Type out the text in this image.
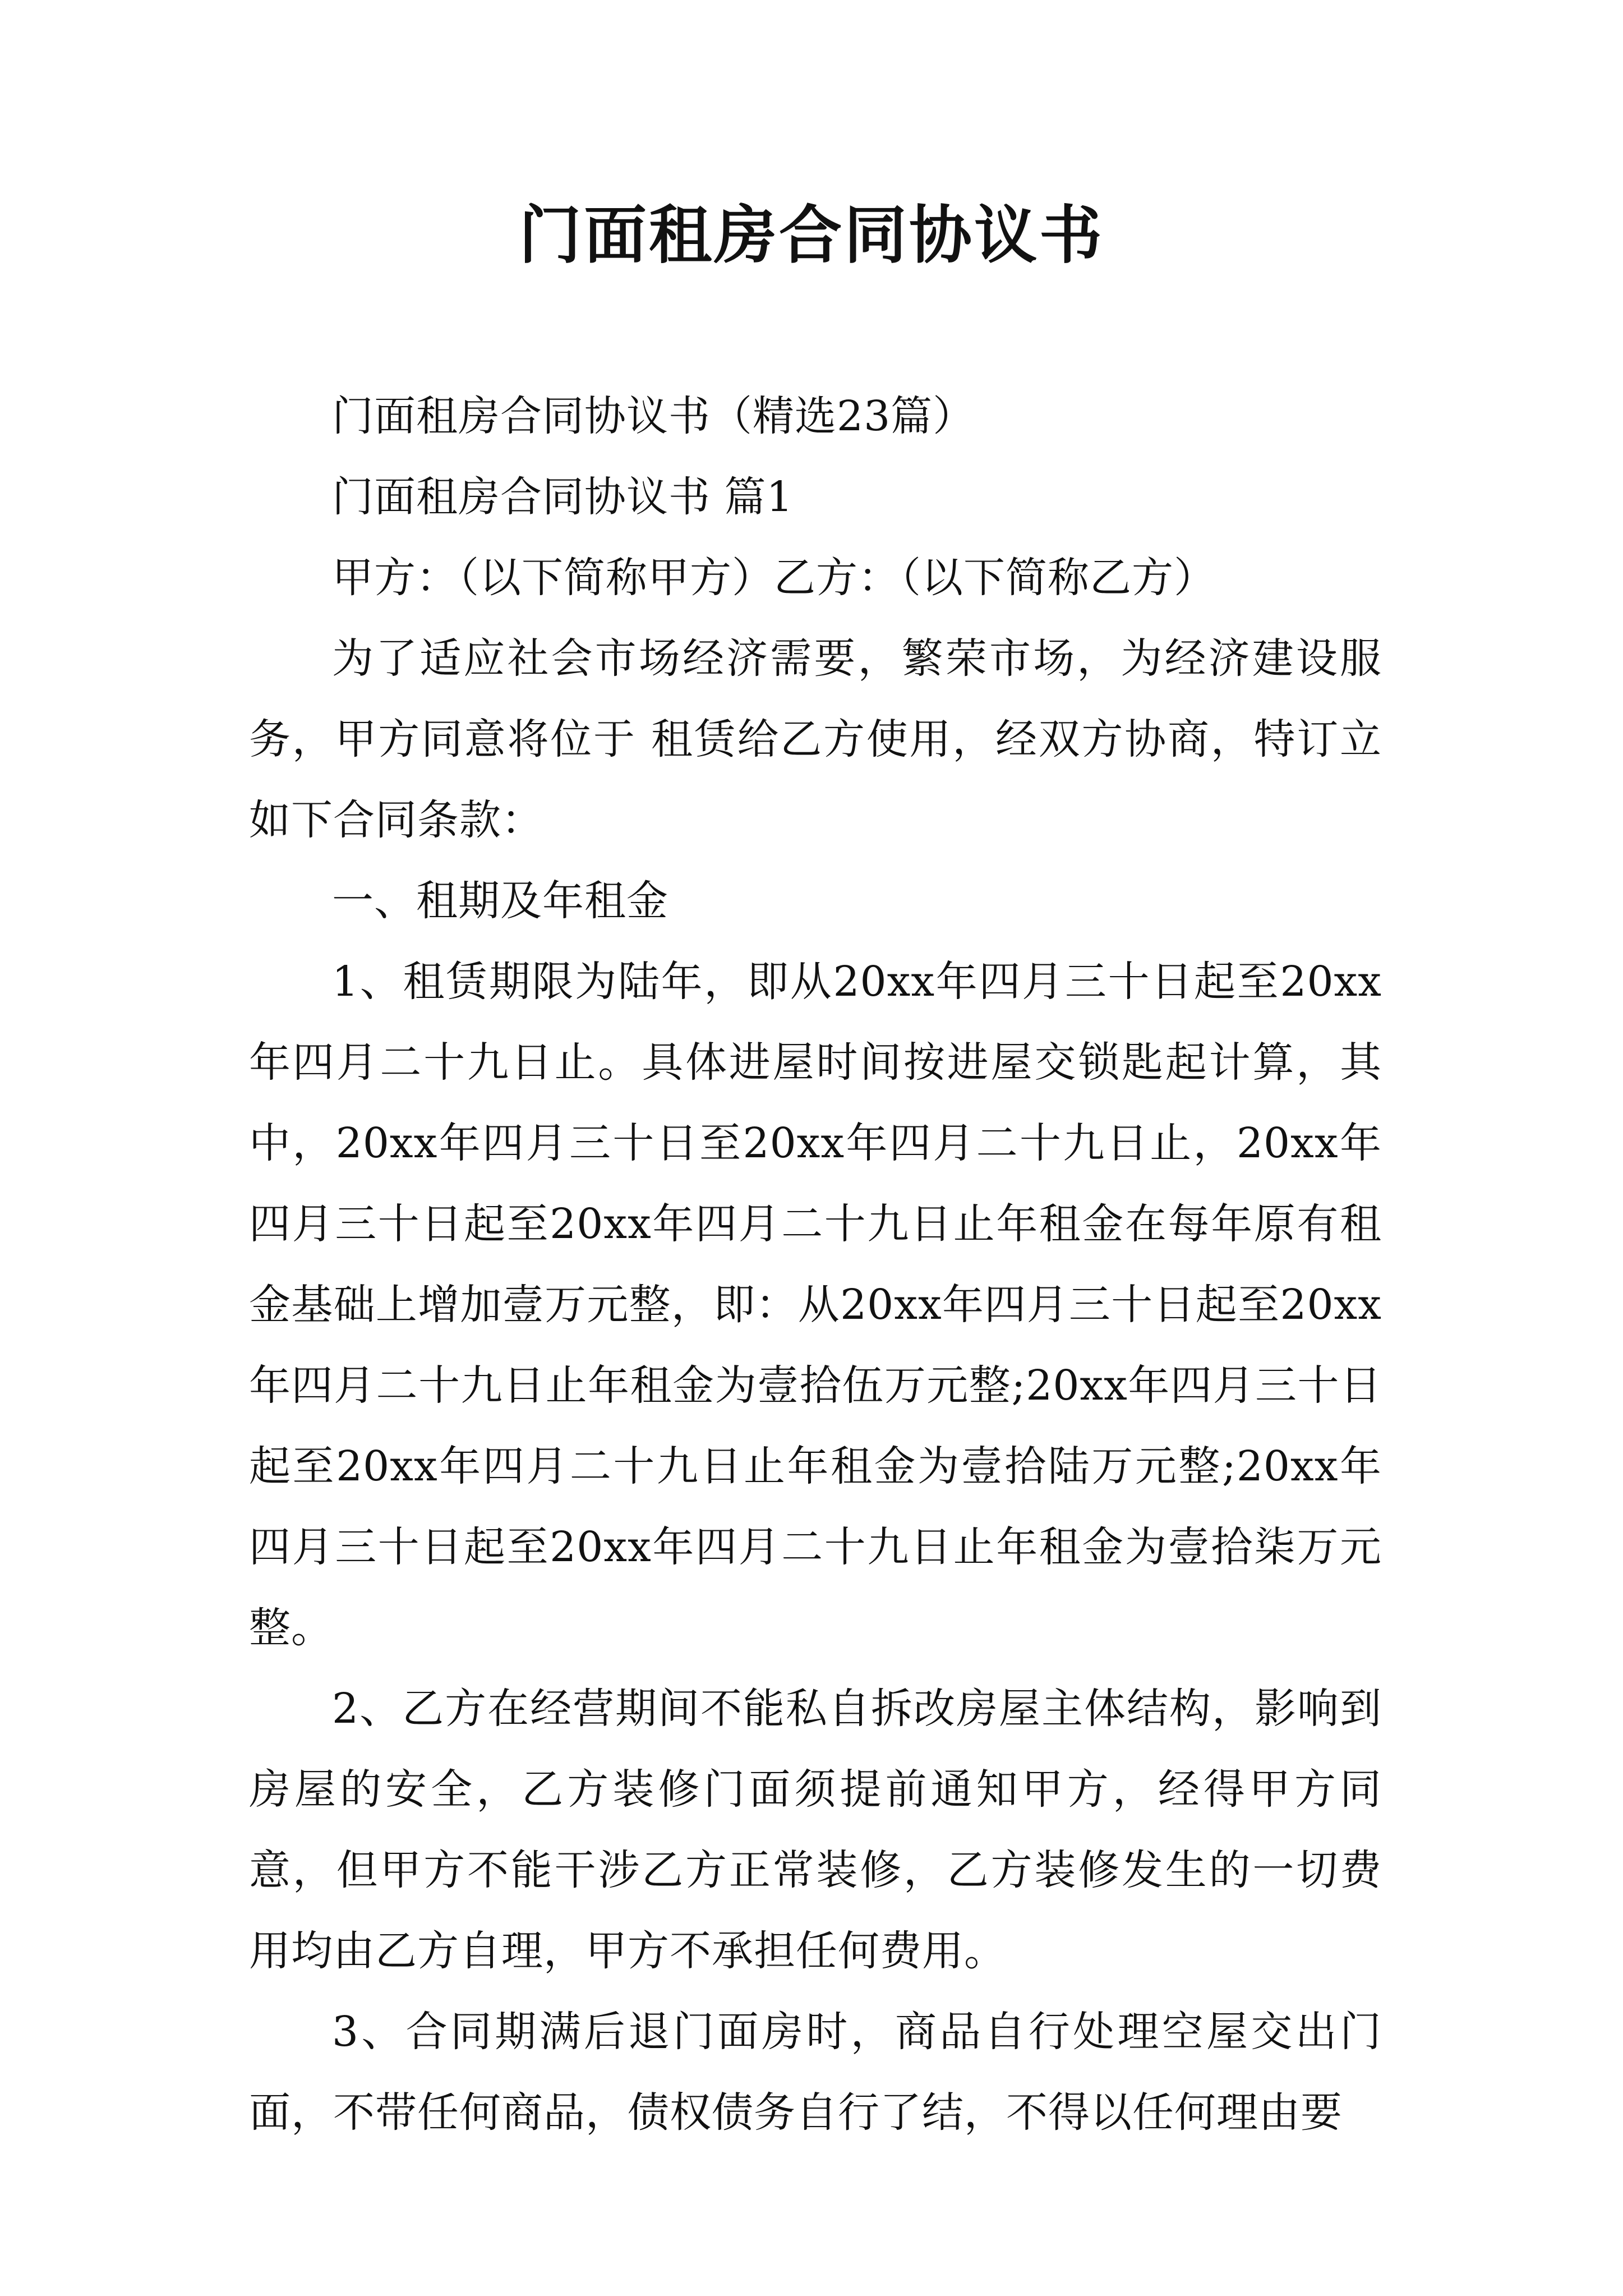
门面租房合同协议书

门面租房合同协议书（精选23篇）

门面租房合同协议书 篇1

甲方：（以下简称甲方）乙方：（以下简称乙方）

为了适应社会市场经济需要，繁荣市场，为经济建设服务，甲方同意将位于 租赁给乙方使用，经双方协商，特订立如下合同条款：

一、租期及年租金

1、租赁期限为陆年，即从20xx年四月三十日起至20xx年四月二十九日止。具体进屋时间按进屋交锁匙起计算，其中，20xx年四月三十日至20xx年四月二十九日止，20xx年四月三十日起至20xx年四月二十九日止年租金在每年原有租金基础上增加壹万元整，即：从20xx年四月三十日起至20xx年四月二十九日止年租金为壹拾伍万元整;20xx年四月三十日起至20xx年四月二十九日止年租金为壹拾陆万元整;20xx年四月三十日起至20xx年四月二十九日止年租金为壹拾柒万元整。

2、乙方在经营期间不能私自拆改房屋主体结构，影响到房屋的安全，乙方装修门面须提前通知甲方，经得甲方同意，但甲方不能干涉乙方正常装修，乙方装修发生的一切费用均由乙方自理，甲方不承担任何费用。

3、合同期满后退门面房时，商品自行处理空屋交出门面，不带任何商品，债权债务自行了结，不得以任何理由要
